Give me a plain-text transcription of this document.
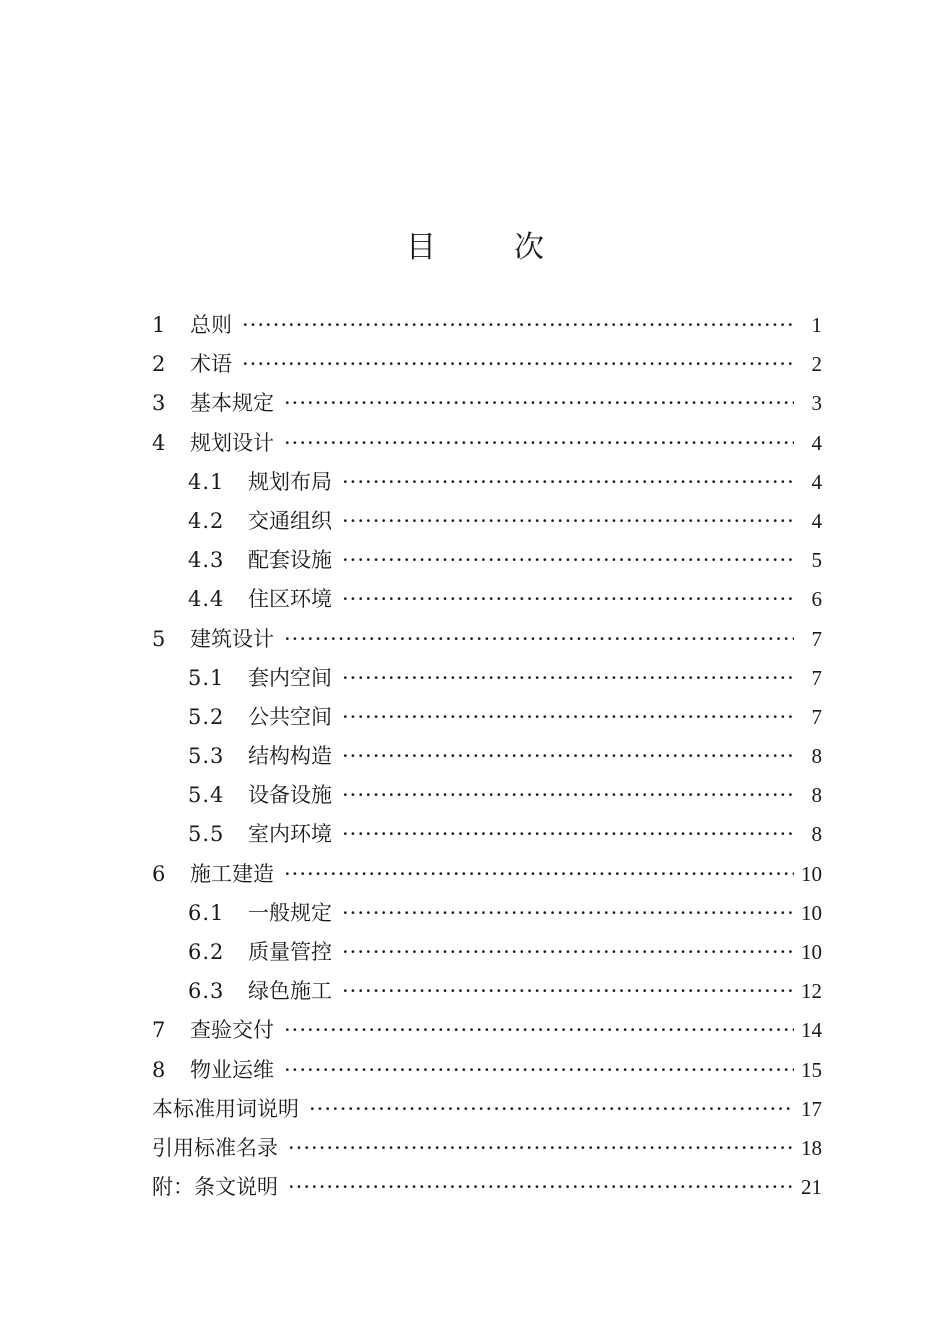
目	次
1	总则 ·····	1
2	术语 ·····	2
3	基本规定 ·····	3
4	规划设计 ·····	4
4.1	规划布局 ·····	4
4.2	交通组织 ·····	4
4.3	配套设施 ·····	5
4.4	住区环境 ·····	6
5	建筑设计 ·····	7
5.1	套内空间 ·····	7
5.2	公共空间 ·····	7
5.3	结构构造 ·····	8
5.4	设备设施 ·····	8
5.5	室内环境 ·····	8
6	施工建造 ·····	10
6.1	一般规定 ·····	10
6.2	质量管控 ·····	10
6.3	绿色施工 ·····	12
7	查验交付 ·····	14
8	物业运维 ·····	15
本标准用词说明 ·····	17
引用标准名录 ·····	18
附：条文说明 ·····	21
